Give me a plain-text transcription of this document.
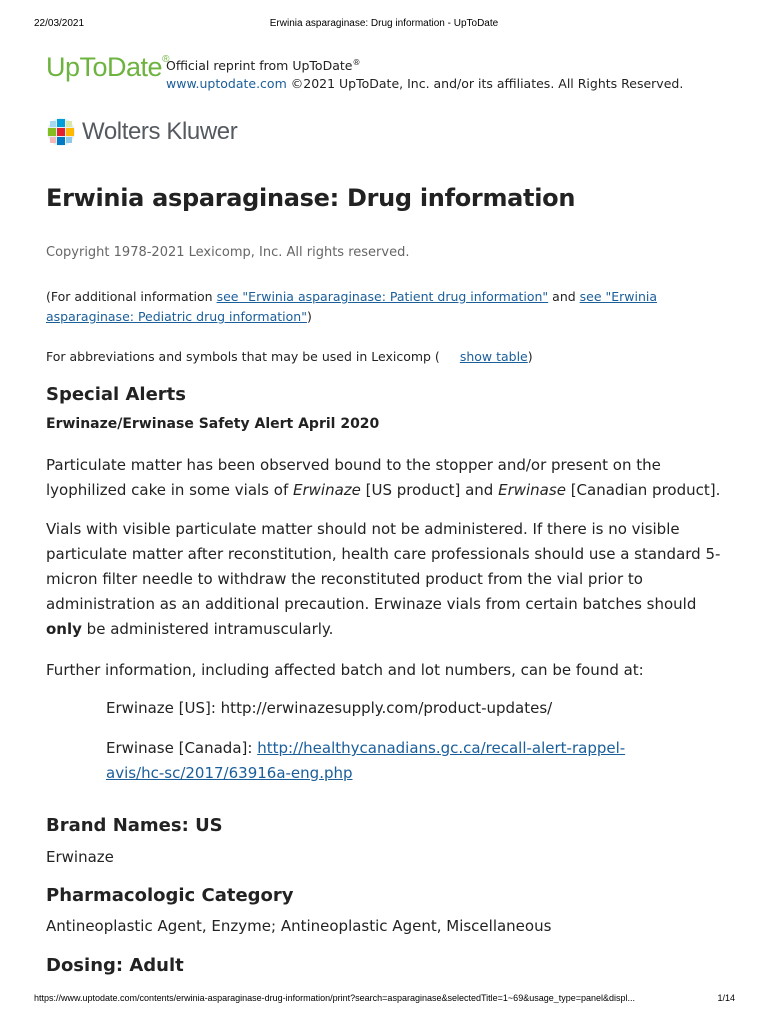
22/03/2021	Erwinia asparaginase: Drug information - UpToDate
UpToDate®
Official reprint from UpToDate®
www.uptodate.com ©2021 UpToDate, Inc. and/or its affiliates. All Rights Reserved.
Wolters Kluwer
Erwinia asparaginase: Drug information
Copyright 1978-2021 Lexicomp, Inc. All rights reserved.
(For additional information see "Erwinia asparaginase: Patient drug information" and see "Erwinia asparaginase: Pediatric drug information")
For abbreviations and symbols that may be used in Lexicomp ( show table)
Special Alerts
Erwinaze/Erwinase Safety Alert April 2020

Particulate matter has been observed bound to the stopper and/or present on the lyophilized cake in some vials of Erwinaze [US product] and Erwinase [Canadian product].

Vials with visible particulate matter should not be administered. If there is no visible particulate matter after reconstitution, health care professionals should use a standard 5-micron filter needle to withdraw the reconstituted product from the vial prior to administration as an additional precaution. Erwinaze vials from certain batches should only be administered intramuscularly.

Further information, including affected batch and lot numbers, can be found at:

Erwinaze [US]: http://erwinazesupply.com/product-updates/
Erwinase [Canada]: http://healthycanadians.gc.ca/recall-alert-rappel-avis/hc-sc/2017/63916a-eng.php
Brand Names: US
Erwinaze
Pharmacologic Category
Antineoplastic Agent, Enzyme; Antineoplastic Agent, Miscellaneous
Dosing: Adult
https://www.uptodate.com/contents/erwinia-asparaginase-drug-information/print?search=asparaginase&selectedTitle=1~69&usage_type=panel&displ...	1/14
